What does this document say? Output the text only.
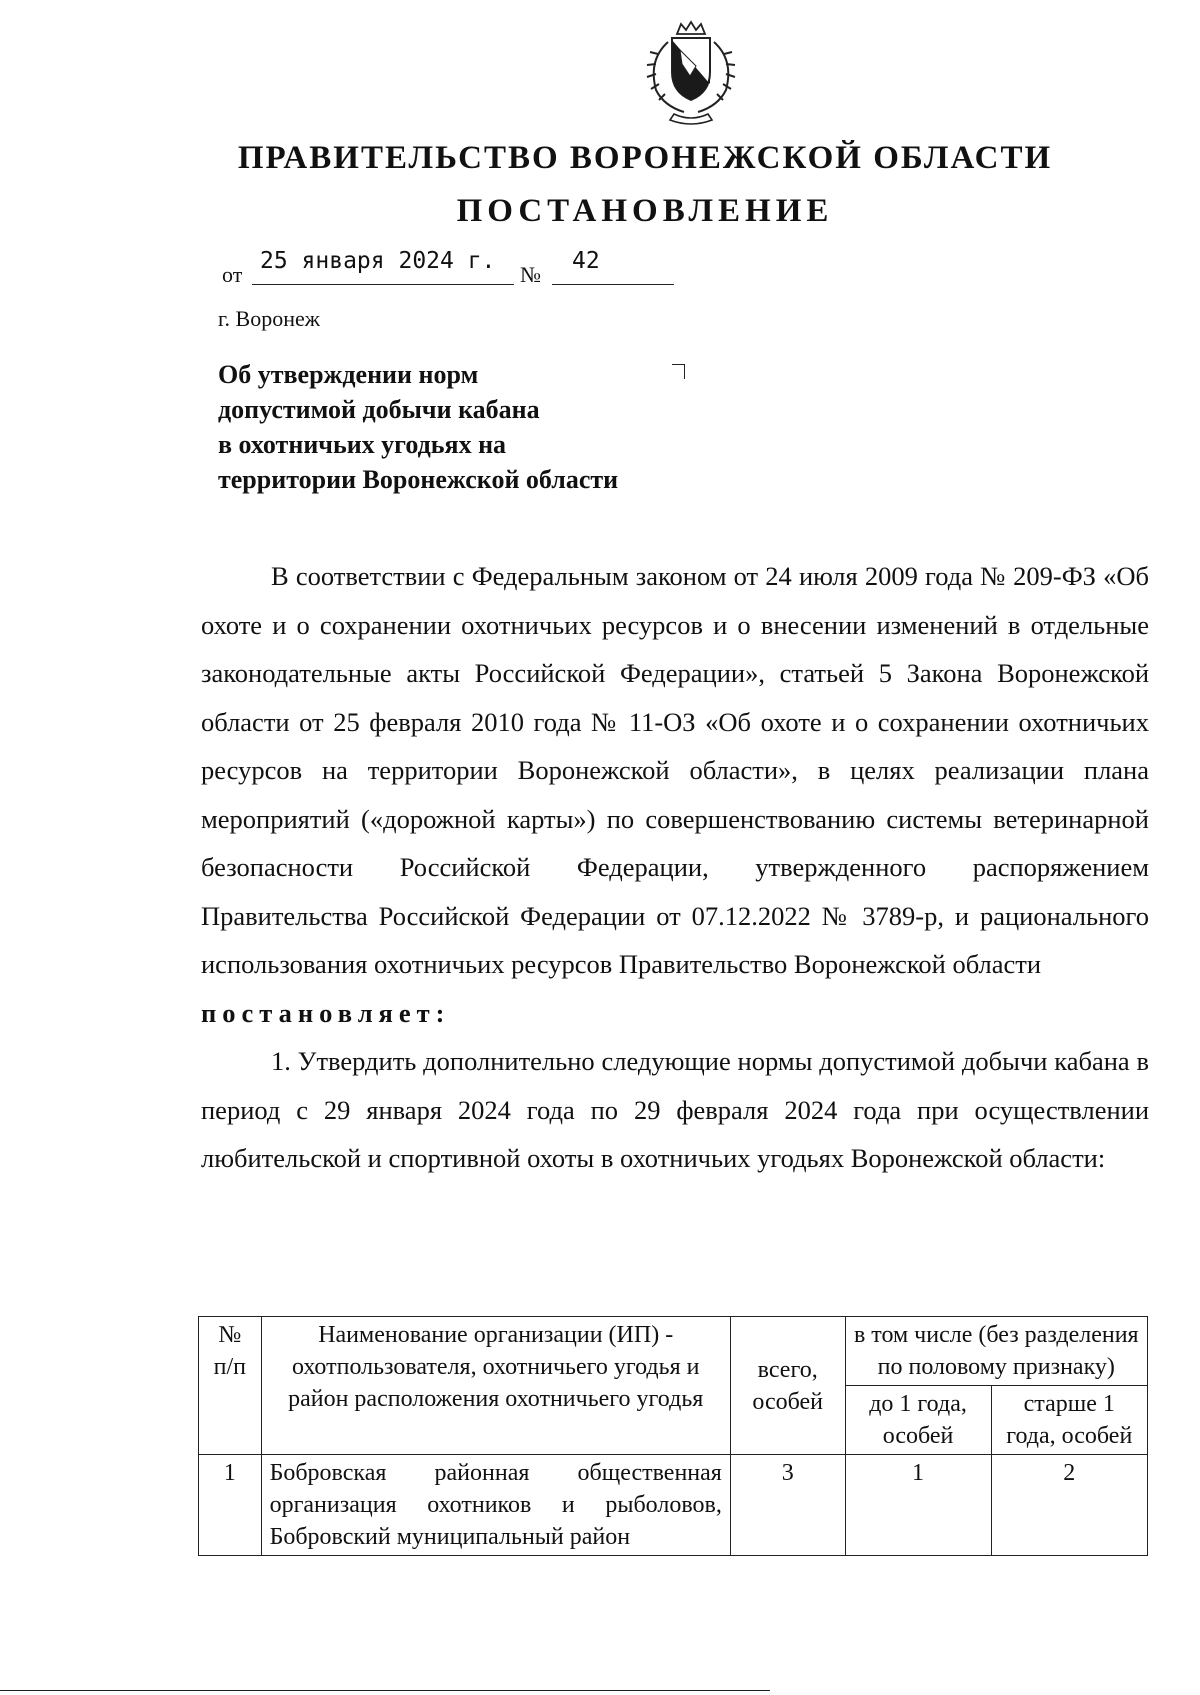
ПРАВИТЕЛЬСТВО ВОРОНЕЖСКОЙ ОБЛАСТИ
ПОСТАНОВЛЕНИЕ
от
25 января 2024 г.
№
42
г. Воронеж
Об утверждении норм
допустимой добычи кабана
в охотничьих угодьях на
территории Воронежской области

В соответствии с Федеральным законом от 24 июля 2009 года № 209-ФЗ «Об охоте и о сохранении охотничьих ресурсов и о внесении изменений в отдельные законодательные акты Российской Федерации», статьей 5 Закона Воронежской области от 25 февраля 2010 года № 11-ОЗ «Об охоте и о сохранении охотничьих ресурсов на территории Воронежской области», в целях реализации плана мероприятий («дорожной карты») по совершенствованию системы ветеринарной безопасности Российской Федерации, утвержденного распоряжением Правительства Российской Федерации от 07.12.2022 № 3789-р, и рационального использования охотничьих ресурсов Правительство Воронежской области

постановляет:

1. Утвердить дополнительно следующие нормы допустимой добычи кабана в период с 29 января 2024 года по 29 февраля 2024 года при осуществлении любительской и спортивной охоты в охотничьих угодьях Воронежской области:

№ п/п	Наименование организации (ИП) - охотпользователя, охотничьего угодья и район расположения охотничьего угодья	всего, особей	в том числе (без разделения по половому признаку)	
			до 1 года, особей	старше 1 года, особей
1	Бобровская районная общественная организация охотников и рыболовов, Бобровский муниципальный район	3	1	2
